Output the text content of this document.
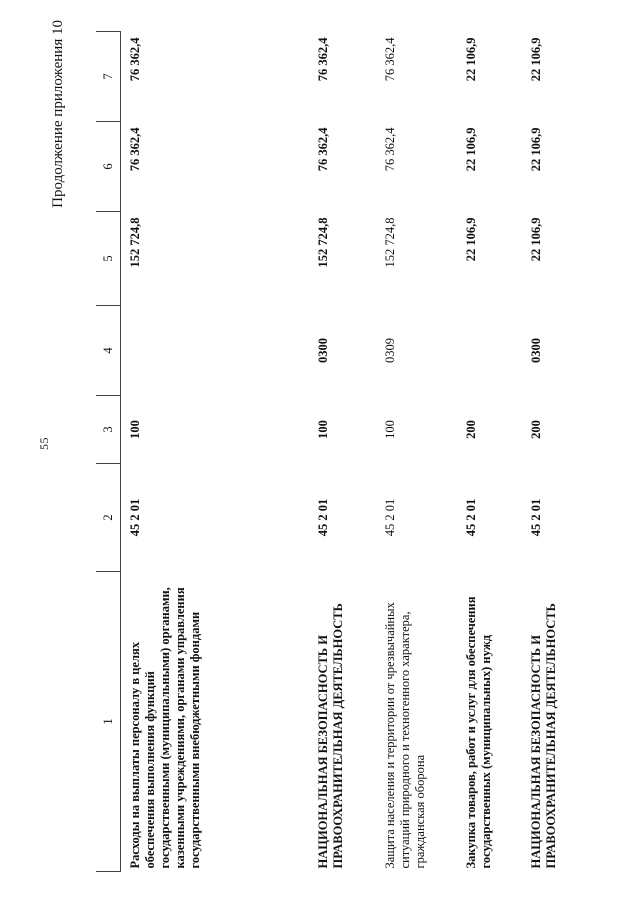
55
Продолжение приложения 10
1	2	3	4	5	6	7
Расходы на выплаты персоналу в целях обеспечения выполнения функций государственными (муниципальными) органами, казенными учреждениями, органами управления государственными внебюджетными фондами	45 2 01	100		152 724,8	76 362,4	76 362,4
НАЦИОНАЛЬНАЯ БЕЗОПАСНОСТЬ И ПРАВООХРАНИТЕЛЬНАЯ ДЕЯТЕЛЬНОСТЬ	45 2 01	100	0300	152 724,8	76 362,4	76 362,4
Защита населения и территории от чрезвычайных ситуаций природного и техногенного характера, гражданская оборона	45 2 01	100	0309	152 724,8	76 362,4	76 362,4
Закупка товаров, работ и услуг для обеспечения государственных (муниципальных) нужд	45 2 01	200		22 106,9	22 106,9	22 106,9
НАЦИОНАЛЬНАЯ БЕЗОПАСНОСТЬ И ПРАВООХРАНИТЕЛЬНАЯ ДЕЯТЕЛЬНОСТЬ	45 2 01	200	0300	22 106,9	22 106,9	22 106,9
